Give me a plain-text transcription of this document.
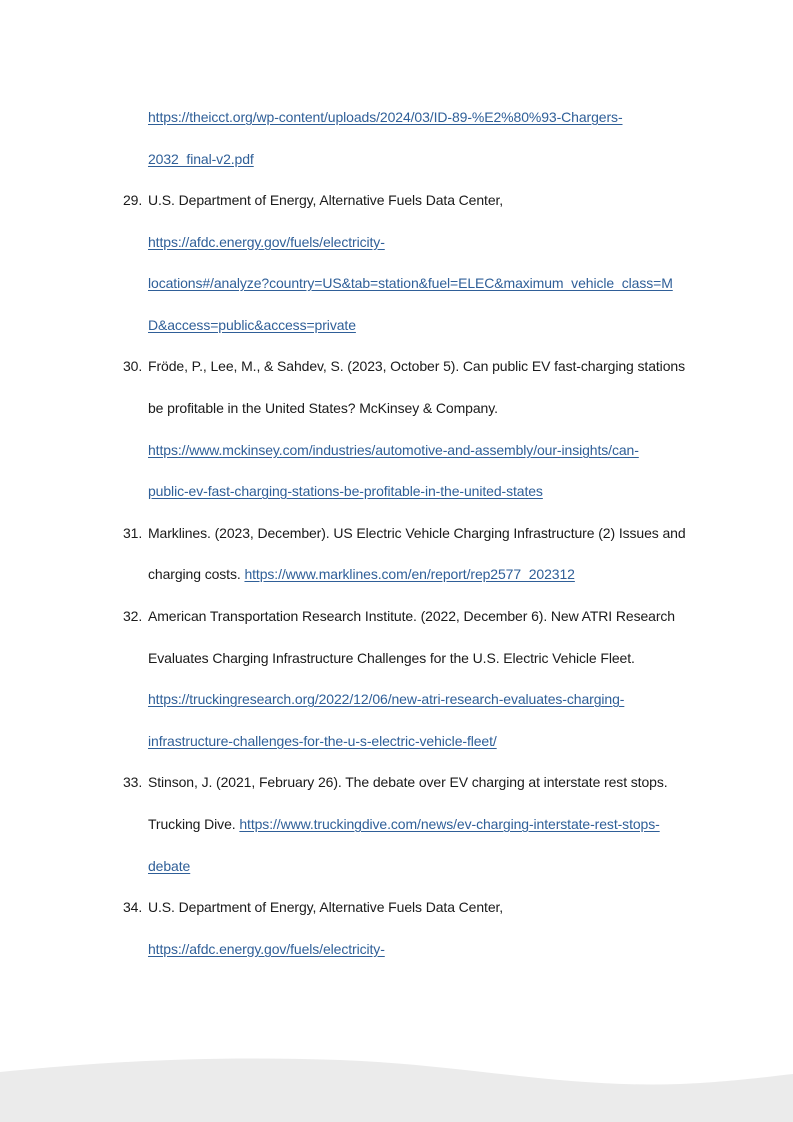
https://theicct.org/wp-content/uploads/2024/03/ID-89-%E2%80%93-Chargers-
2032_final-v2.pdf
29. U.S. Department of Energy, Alternative Fuels Data Center,
https://afdc.energy.gov/fuels/electricity-
locations#/analyze?country=US&tab=station&fuel=ELEC&maximum_vehicle_class=M
D&access=public&access=private
30. Fröde, P., Lee, M., & Sahdev, S. (2023, October 5). Can public EV fast-charging stations
be profitable in the United States? McKinsey & Company.
https://www.mckinsey.com/industries/automotive-and-assembly/our-insights/can-
public-ev-fast-charging-stations-be-profitable-in-the-united-states
31. Marklines. (2023, December). US Electric Vehicle Charging Infrastructure (2) Issues and
charging costs. https://www.marklines.com/en/report/rep2577_202312
32. American Transportation Research Institute. (2022, December 6). New ATRI Research
Evaluates Charging Infrastructure Challenges for the U.S. Electric Vehicle Fleet.
https://truckingresearch.org/2022/12/06/new-atri-research-evaluates-charging-
infrastructure-challenges-for-the-u-s-electric-vehicle-fleet/
33. Stinson, J. (2021, February 26). The debate over EV charging at interstate rest stops.
Trucking Dive. https://www.truckingdive.com/news/ev-charging-interstate-rest-stops-
debate
34. U.S. Department of Energy, Alternative Fuels Data Center,
https://afdc.energy.gov/fuels/electricity-
